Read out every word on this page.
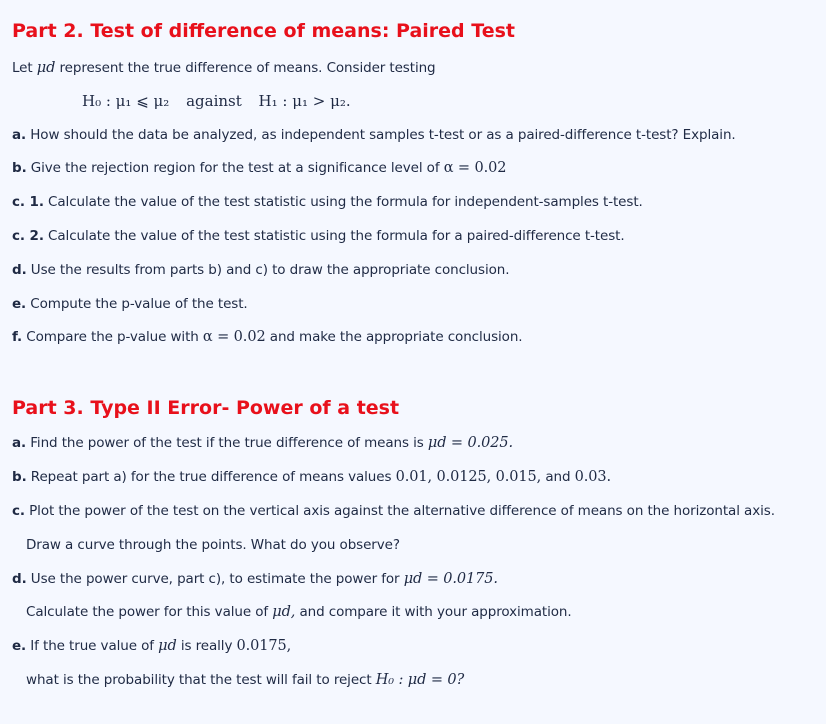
Part 2. Test of difference of means: Paired Test
Let μd represent the true difference of means. Consider testing
H₀ : μ₁ ⩽ μ₂ against H₁ : μ₁ > μ₂.
a. How should the data be analyzed, as independent samples t-test or as a paired-difference t-test? Explain.
b. Give the rejection region for the test at a significance level of α = 0.02
c. 1. Calculate the value of the test statistic using the formula for independent-samples t-test.
c. 2. Calculate the value of the test statistic using the formula for a paired-difference t-test.
d. Use the results from parts b) and c) to draw the appropriate conclusion.
e. Compute the p-value of the test.
f. Compare the p-value with α = 0.02 and make the appropriate conclusion.
Part 3. Type II Error- Power of a test
a. Find the power of the test if the true difference of means is μd = 0.025.
b. Repeat part a) for the true difference of means values 0.01, 0.0125, 0.015, and 0.03.
c. Plot the power of the test on the vertical axis against the alternative difference of means on the horizontal axis.
Draw a curve through the points. What do you observe?
d. Use the power curve, part c), to estimate the power for μd = 0.0175.
Calculate the power for this value of μd, and compare it with your approximation.
e. If the true value of μd is really 0.0175,
what is the probability that the test will fail to reject H₀ : μd = 0?
